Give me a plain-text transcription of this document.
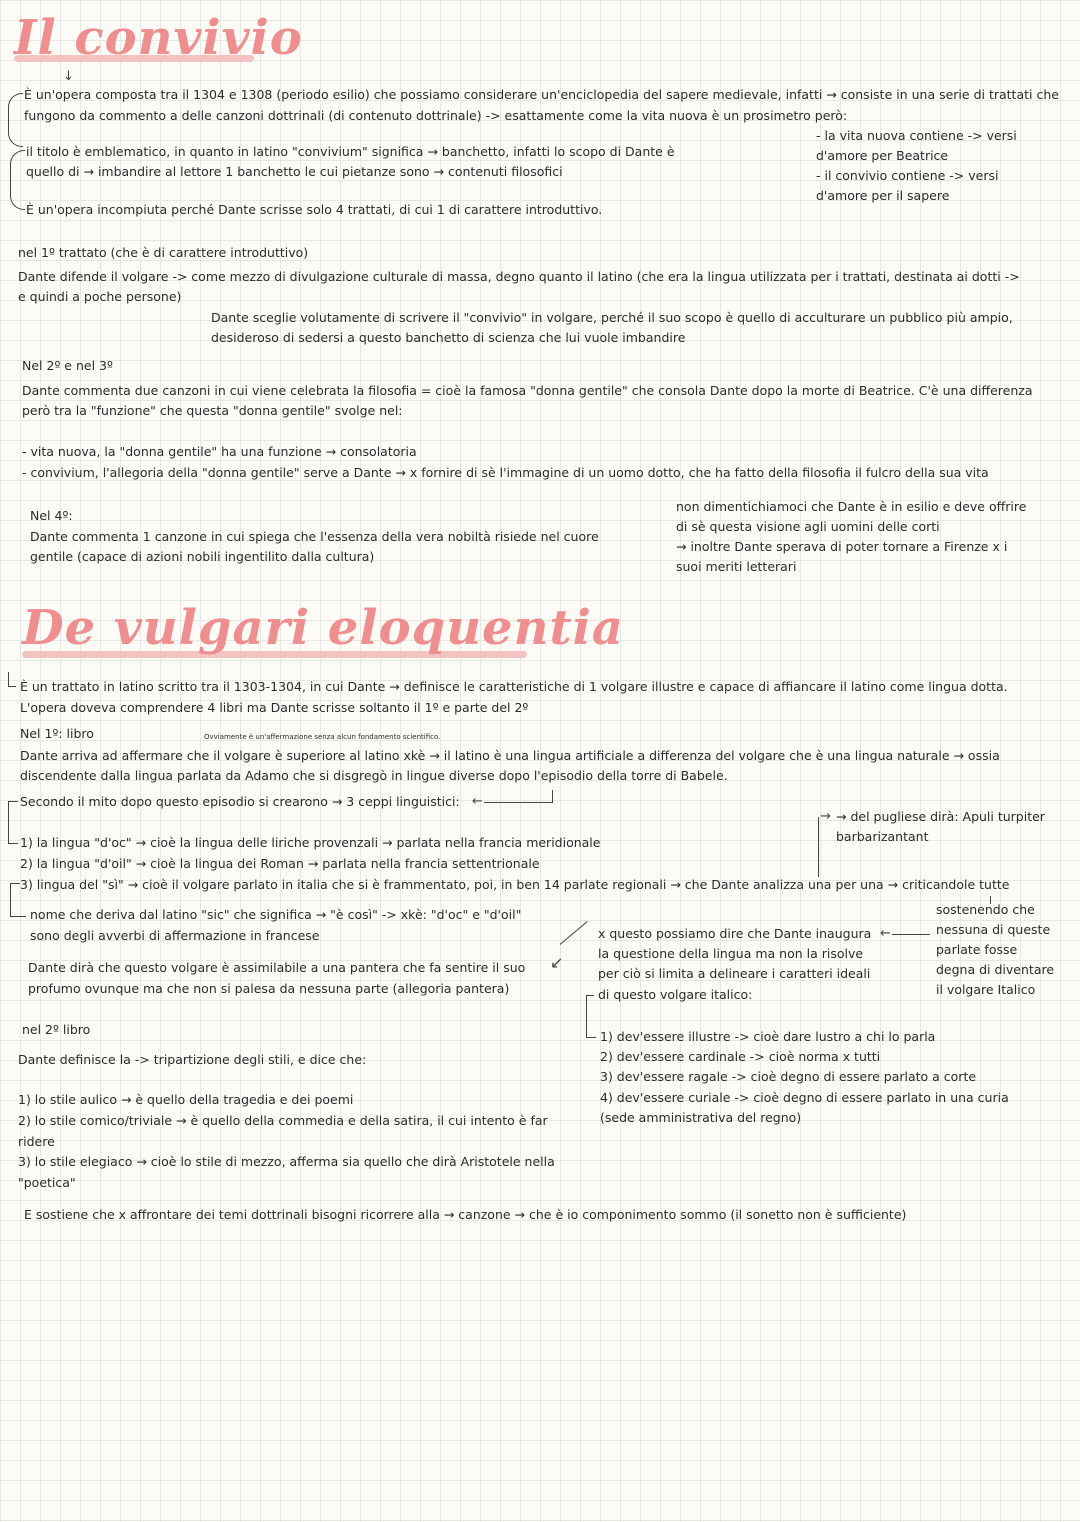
Il convivio
↓
È un'opera composta tra il 1304 e 1308 (periodo esilio) che possiamo considerare un'enciclopedia del sapere medievale, infatti → consiste in una serie di trattati che
fungono da commento a delle canzoni dottrinali (di contenuto dottrinale) -> esattamente come la vita nuova è un prosimetro però:
il titolo è emblematico, in quanto in latino "convivium" significa → banchetto, infatti lo scopo di Dante è
quello di → imbandire al lettore 1 banchetto le cui pietanze sono → contenuti filosofici
- la vita nuova contiene -> versi
d'amore per Beatrice
- il convivio contiene -> versi
d'amore per il sapere
È un'opera incompiuta perché Dante scrisse solo 4 trattati, di cui 1 di carattere introduttivo.
nel 1º trattato (che è di carattere introduttivo)
Dante difende il volgare -> come mezzo di divulgazione culturale di massa, degno quanto il latino (che era la lingua utilizzata per i trattati, destinata ai dotti ->
e quindi a poche persone)
Dante sceglie volutamente di scrivere il "convivio" in volgare, perché il suo scopo è quello di acculturare un pubblico più ampio,
desideroso di sedersi a questo banchetto di scienza che lui vuole imbandire
Nel 2º e nel 3º
Dante commenta due canzoni in cui viene celebrata la filosofia = cioè la famosa "donna gentile" che consola Dante dopo la morte di Beatrice. C'è una differenza
però tra la "funzione" che questa "donna gentile" svolge nel:
- vita nuova, la "donna gentile" ha una funzione → consolatoria
- convivium, l'allegoria della "donna gentile" serve a Dante → x fornire di sè l'immagine di un uomo dotto, che ha fatto della filosofia il fulcro della sua vita
Nel 4º:
Dante commenta 1 canzone in cui spiega che l'essenza della vera nobiltà risiede nel cuore
gentile (capace di azioni nobili ingentilito dalla cultura)
non dimentichiamoci che Dante è in esilio e deve offrire
di sè questa visione agli uomini delle corti
→ inoltre Dante sperava di poter tornare a Firenze x i
suoi meriti letterari
De vulgari eloquentia
È un trattato in latino scritto tra il 1303-1304, in cui Dante → definisce le caratteristiche di 1 volgare illustre e capace di affiancare il latino come lingua dotta.
L'opera doveva comprendere 4 libri ma Dante scrisse soltanto il 1º e parte del 2º
Nel 1º: libro	Ovviamente è un'affermazione senza alcun fondamento scientifico.
Dante arriva ad affermare che il volgare è superiore al latino xkè → il latino è una lingua artificiale a differenza del volgare che è una lingua naturale → ossia
discendente dalla lingua parlata da Adamo che si disgregò in lingue diverse dopo l'episodio della torre di Babele.
Secondo il mito dopo questo episodio si crearono → 3 ceppi linguistici: ←
→ → del pugliese dirà: Apuli turpiter
barbarizantant
1) la lingua "d'oc" → cioè la lingua delle liriche provenzali → parlata nella francia meridionale
2) la lingua "d'oil" → cioè la lingua dei Roman → parlata nella francia settentrionale
3) lingua del "sì" → cioè il volgare parlato in italia che si è frammentato, poi, in ben 14 parlate regionali → che Dante analizza una per una → criticandole tutte
nome che deriva dal latino "sic" che significa → "è così" -> xkè: "d'oc" e "d'oil"
sono degli avverbi di affermazione in francese
sostenendo che
nessuna di queste
parlate fosse
degna di diventare
il volgare Italico
Dante dirà che questo volgare è assimilabile a una pantera che fa sentire il suo
profumo ovunque ma che non si palesa da nessuna parte (allegoria pantera)
↙
x questo possiamo dire che Dante inaugura ←
la questione della lingua ma non la risolve
per ciò si limita a delineare i caratteri ideali
di questo volgare italico:
1) dev'essere illustre -> cioè dare lustro a chi lo parla
2) dev'essere cardinale -> cioè norma x tutti
3) dev'essere ragale -> cioè degno di essere parlato a corte
4) dev'essere curiale -> cioè degno di essere parlato in una curia
(sede amministrativa del regno)
nel 2º libro
Dante definisce la -> tripartizione degli stili, e dice che:
1) lo stile aulico → è quello della tragedia e dei poemi
2) lo stile comico/triviale → è quello della commedia e della satira, il cui intento è far
ridere
3) lo stile elegiaco → cioè lo stile di mezzo, afferma sia quello che dirà Aristotele nella
"poetica"
E sostiene che x affrontare dei temi dottrinali bisogni ricorrere alla → canzone → che è io componimento sommo (il sonetto non è sufficiente)
